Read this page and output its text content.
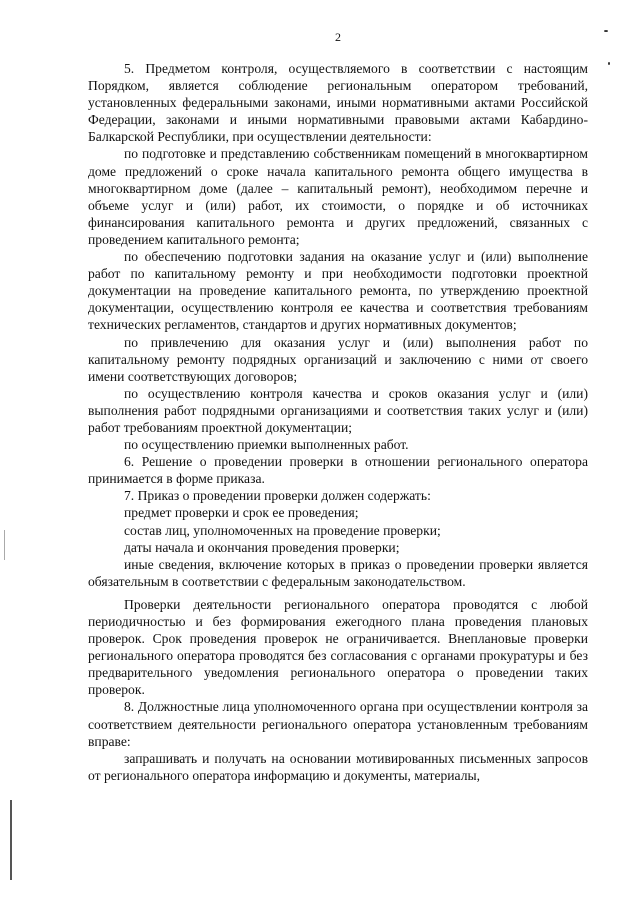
2

5. Предметом контроля, осуществляемого в соответствии с настоящим Порядком, является соблюдение региональным оператором требований, установленных федеральными законами, иными нормативными актами Российской Федерации, законами и иными нормативными правовыми актами Кабардино-Балкарской Республики, при осуществлении деятельности:

по подготовке и представлению собственникам помещений в многоквартирном доме предложений о сроке начала капитального ремонта общего имущества в многоквартирном доме (далее – капитальный ремонт), необходимом перечне и объеме услуг и (или) работ, их стоимости, о порядке и об источниках финансирования капитального ремонта и других предложений, связанных с проведением капитального ремонта;

по обеспечению подготовки задания на оказание услуг и (или) выполнение работ по капитальному ремонту и при необходимости подготовки проектной документации на проведение капитального ремонта, по утверждению проектной документации, осуществлению контроля ее качества и соответствия требованиям технических регламентов, стандартов и других нормативных документов;

по привлечению для оказания услуг и (или) выполнения работ по капитальному ремонту подрядных организаций и заключению с ними от своего имени соответствующих договоров;

по осуществлению контроля качества и сроков оказания услуг и (или) выполнения работ подрядными организациями и соответствия таких услуг и (или) работ требованиям проектной документации;

по осуществлению приемки выполненных работ.

6. Решение о проведении проверки в отношении регионального оператора принимается в форме приказа.

7. Приказ о проведении проверки должен содержать:

предмет проверки и срок ее проведения;

состав лиц, уполномоченных на проведение проверки;

даты начала и окончания проведения проверки;

иные сведения, включение которых в приказ о проведении проверки является обязательным в соответствии с федеральным законодательством.

Проверки деятельности регионального оператора проводятся с любой периодичностью и без формирования ежегодного плана проведения плановых проверок. Срок проведения проверок не ограничивается. Внеплановые проверки регионального оператора проводятся без согласования с органами прокуратуры и без предварительного уведомления регионального оператора о проведении таких проверок.

8. Должностные лица уполномоченного органа при осуществлении контроля за соответствием деятельности регионального оператора установленным требованиям вправе:

запрашивать и получать на основании мотивированных письменных запросов от регионального оператора информацию и документы, материалы,
